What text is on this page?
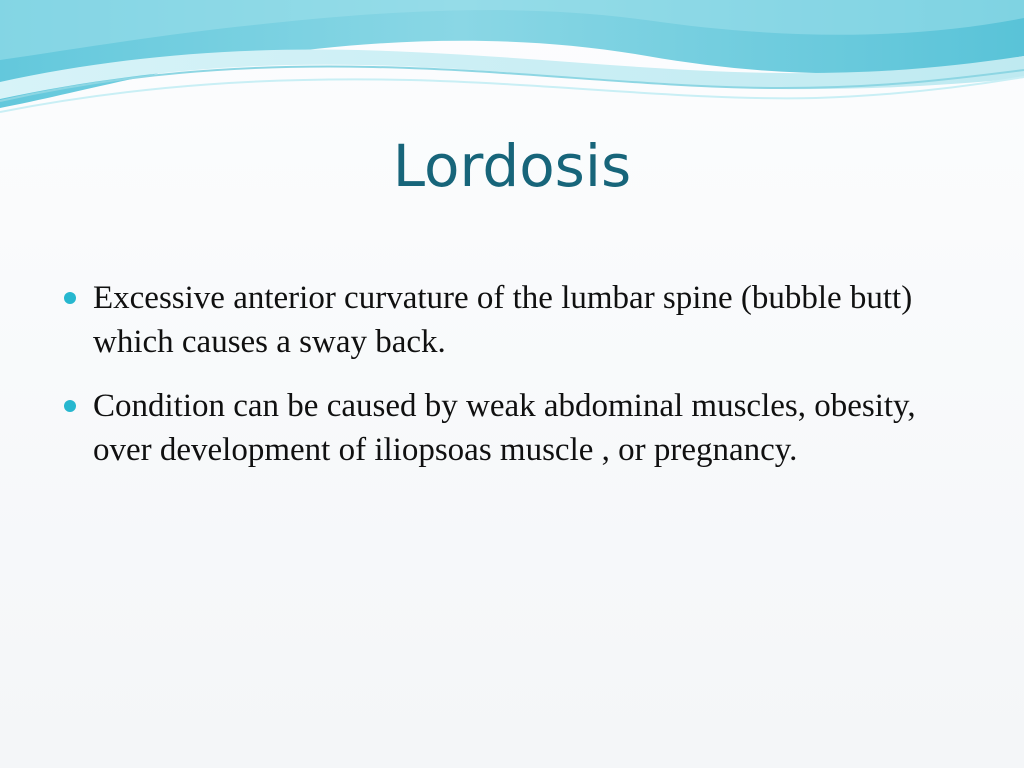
Lordosis
Excessive anterior curvature of the lumbar spine (bubble butt) which causes a sway back.
Condition can be caused by weak abdominal muscles, obesity, over development of iliopsoas muscle , or pregnancy.
